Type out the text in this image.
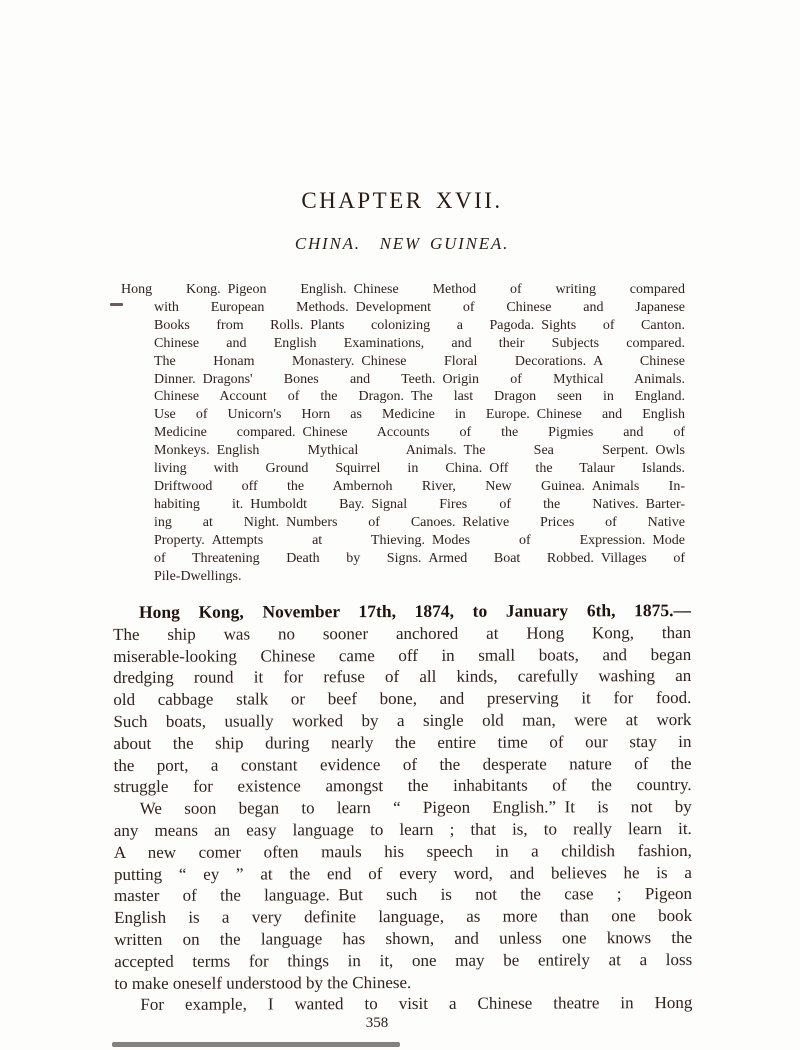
CHAPTER XVII.
CHINA. NEW GUINEA.
Hong Kong. Pigeon English. Chinese Method of writing compared
with European Methods. Development of Chinese and Japanese
Books from Rolls. Plants colonizing a Pagoda. Sights of Canton.
Chinese and English Examinations, and their Subjects compared.
The Honam Monastery. Chinese Floral Decorations. A Chinese
Dinner. Dragons' Bones and Teeth. Origin of Mythical Animals.
Chinese Account of the Dragon. The last Dragon seen in England.
Use of Unicorn's Horn as Medicine in Europe. Chinese and English
Medicine compared. Chinese Accounts of the Pigmies and of
Monkeys. English Mythical Animals. The Sea Serpent. Owls
living with Ground Squirrel in China. Off the Talaur Islands.
Driftwood off the Ambernoh River, New Guinea. Animals In-
habiting it. Humboldt Bay. Signal Fires of the Natives. Barter-
ing at Night. Numbers of Canoes. Relative Prices of Native
Property. Attempts at Thieving. Modes of Expression. Mode
of Threatening Death by Signs. Armed Boat Robbed. Villages of
Pile-Dwellings.
Hong Kong, November 17th, 1874, to January 6th, 1875.—
The ship was no sooner anchored at Hong Kong, than
miserable-looking Chinese came off in small boats, and began
dredging round it for refuse of all kinds, carefully washing an
old cabbage stalk or beef bone, and preserving it for food.
Such boats, usually worked by a single old man, were at work
about the ship during nearly the entire time of our stay in
the port, a constant evidence of the desperate nature of the
struggle for existence amongst the inhabitants of the country.
We soon began to learn “ Pigeon English.” It is not by
any means an easy language to learn ; that is, to really learn it.
A new comer often mauls his speech in a childish fashion,
putting “ ey ” at the end of every word, and believes he is a
master of the language. But such is not the case ; Pigeon
English is a very definite language, as more than one book
written on the language has shown, and unless one knows the
accepted terms for things in it, one may be entirely at a loss
to make oneself understood by the Chinese.
For example, I wanted to visit a Chinese theatre in Hong
358
